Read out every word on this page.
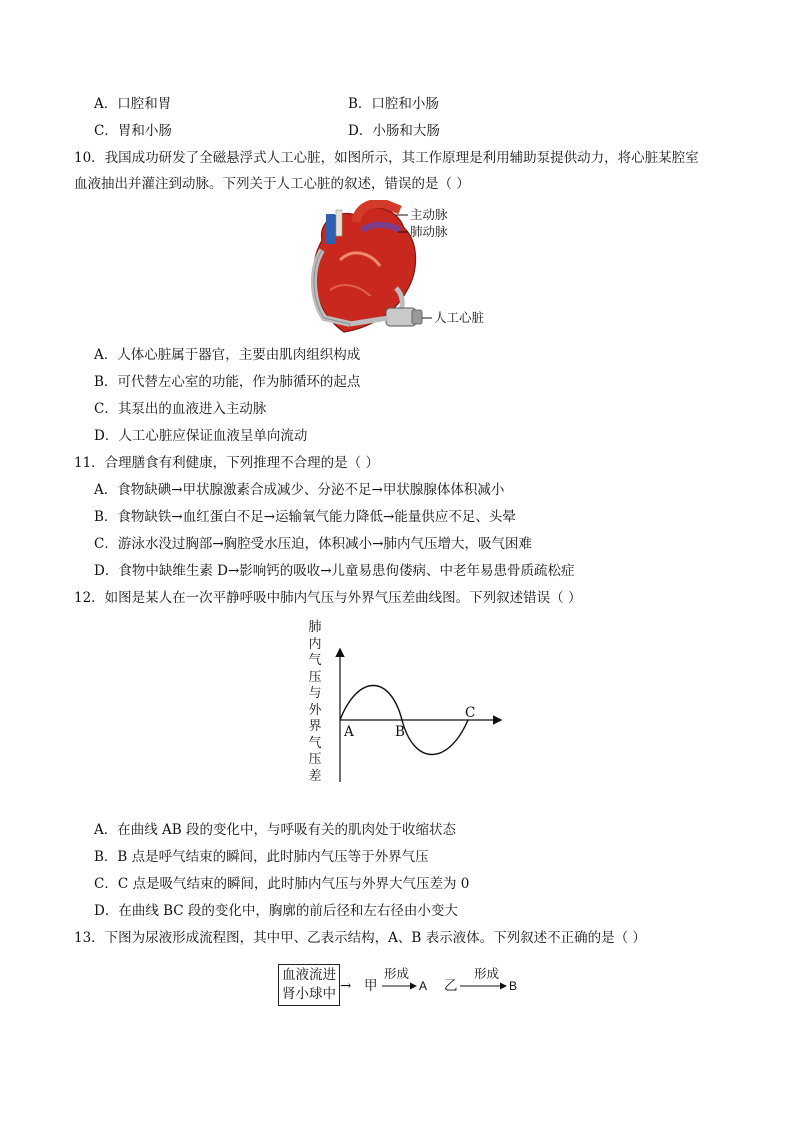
A．口腔和胃	B．口腔和小肠
C．胃和小肠	D．小肠和大肠
10．我国成功研发了全磁悬浮式人工心脏，如图所示，其工作原理是利用辅助泵提供动力，将心脏某腔室
血液抽出并灌注到动脉。下列关于人工心脏的叙述，错误的是（ ）
主动脉
肺动脉
人工心脏
A．人体心脏属于器官，主要由肌肉组织构成
B．可代替左心室的功能，作为肺循环的起点
C．其泵出的血液进入主动脉
D．人工心脏应保证血液呈单向流动
11．合理膳食有利健康，下列推理不合理的是（ ）
A．食物缺碘→甲状腺激素合成减少、分泌不足→甲状腺腺体体积减小
B．食物缺铁→血红蛋白不足→运输氧气能力降低→能量供应不足、头晕
C．游泳水没过胸部→胸腔受水压迫，体积减小→肺内气压增大，吸气困难
D．食物中缺维生素 D→影响钙的吸收→儿童易患佝偻病、中老年易患骨质疏松症
12．如图是某人在一次平静呼吸中肺内气压与外界气压差曲线图。下列叙述错误（ ）
肺
内
气
压
与
外
界
气
压
差
A	B
C
A．在曲线 AB 段的变化中，与呼吸有关的肌肉处于收缩状态
B．B 点是呼气结束的瞬间，此时肺内气压等于外界气压
C．C 点是吸气结束的瞬间，此时肺内气压与外界大气压差为 0
D．在曲线 BC 段的变化中，胸廓的前后径和左右径由小变大
13．下图为尿液形成流程图，其中甲、乙表示结构，A、B 表示液体。下列叙述不正确的是（ ）
血液流进
肾小球中 → 甲
形成
A 乙
形成
B
